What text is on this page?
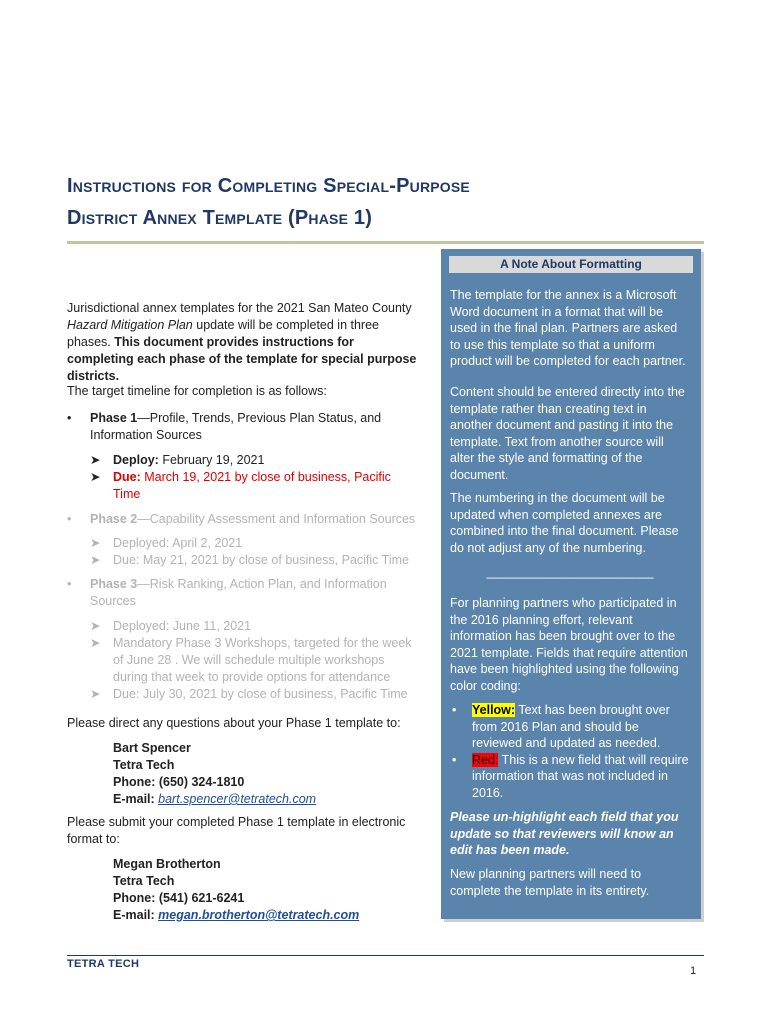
Instructions for Completing Special-Purpose
District Annex Template (Phase 1)
A Note About Formatting

The template for the annex is a Microsoft Word document in a format that will be used in the final plan. Partners are asked to use this template so that a uniform product will be completed for each partner.

Content should be entered directly into the template rather than creating text in another document and pasting it into the template. Text from another source will alter the style and formatting of the document.

The numbering in the document will be updated when completed annexes are combined into the final document. Please do not adjust any of the numbering.

________________________

For planning partners who participated in the 2016 planning effort, relevant information has been brought over to the 2021 template. Fields that require attention have been highlighted using the following color coding:

• Yellow: Text has been brought over from 2016 Plan and should be reviewed and updated as needed.
• Red: This is a new field that will require information that was not included in 2016.

Please un-highlight each field that you update so that reviewers will know an edit has been made.

New planning partners will need to complete the template in its entirety.

Jurisdictional annex templates for the 2021 San Mateo County Hazard Mitigation Plan update will be completed in three phases. This document provides instructions for completing each phase of the template for special purpose districts.

The target timeline for completion is as follows:

• Phase 1—Profile, Trends, Previous Plan Status, and Information Sources
➤ Deploy: February 19, 2021
➤ Due: March 19, 2021 by close of business, Pacific Time
• Phase 2—Capability Assessment and Information Sources
➤ Deployed: April 2, 2021
➤ Due: May 21, 2021 by close of business, Pacific Time
• Phase 3—Risk Ranking, Action Plan, and Information Sources
➤ Deployed: June 11, 2021
➤ Mandatory Phase 3 Workshops, targeted for the week of June 28 . We will schedule multiple workshops during that week to provide options for attendance
➤ Due: July 30, 2021 by close of business, Pacific Time

Please direct any questions about your Phase 1 template to:

Bart Spencer
Tetra Tech
Phone: (650) 324-1810
E-mail: bart.spencer@tetratech.com

Please submit your completed Phase 1 template in electronic format to:

Megan Brotherton
Tetra Tech
Phone: (541) 621-6241
E-mail: megan.brotherton@tetratech.com
TETRA TECH
1
